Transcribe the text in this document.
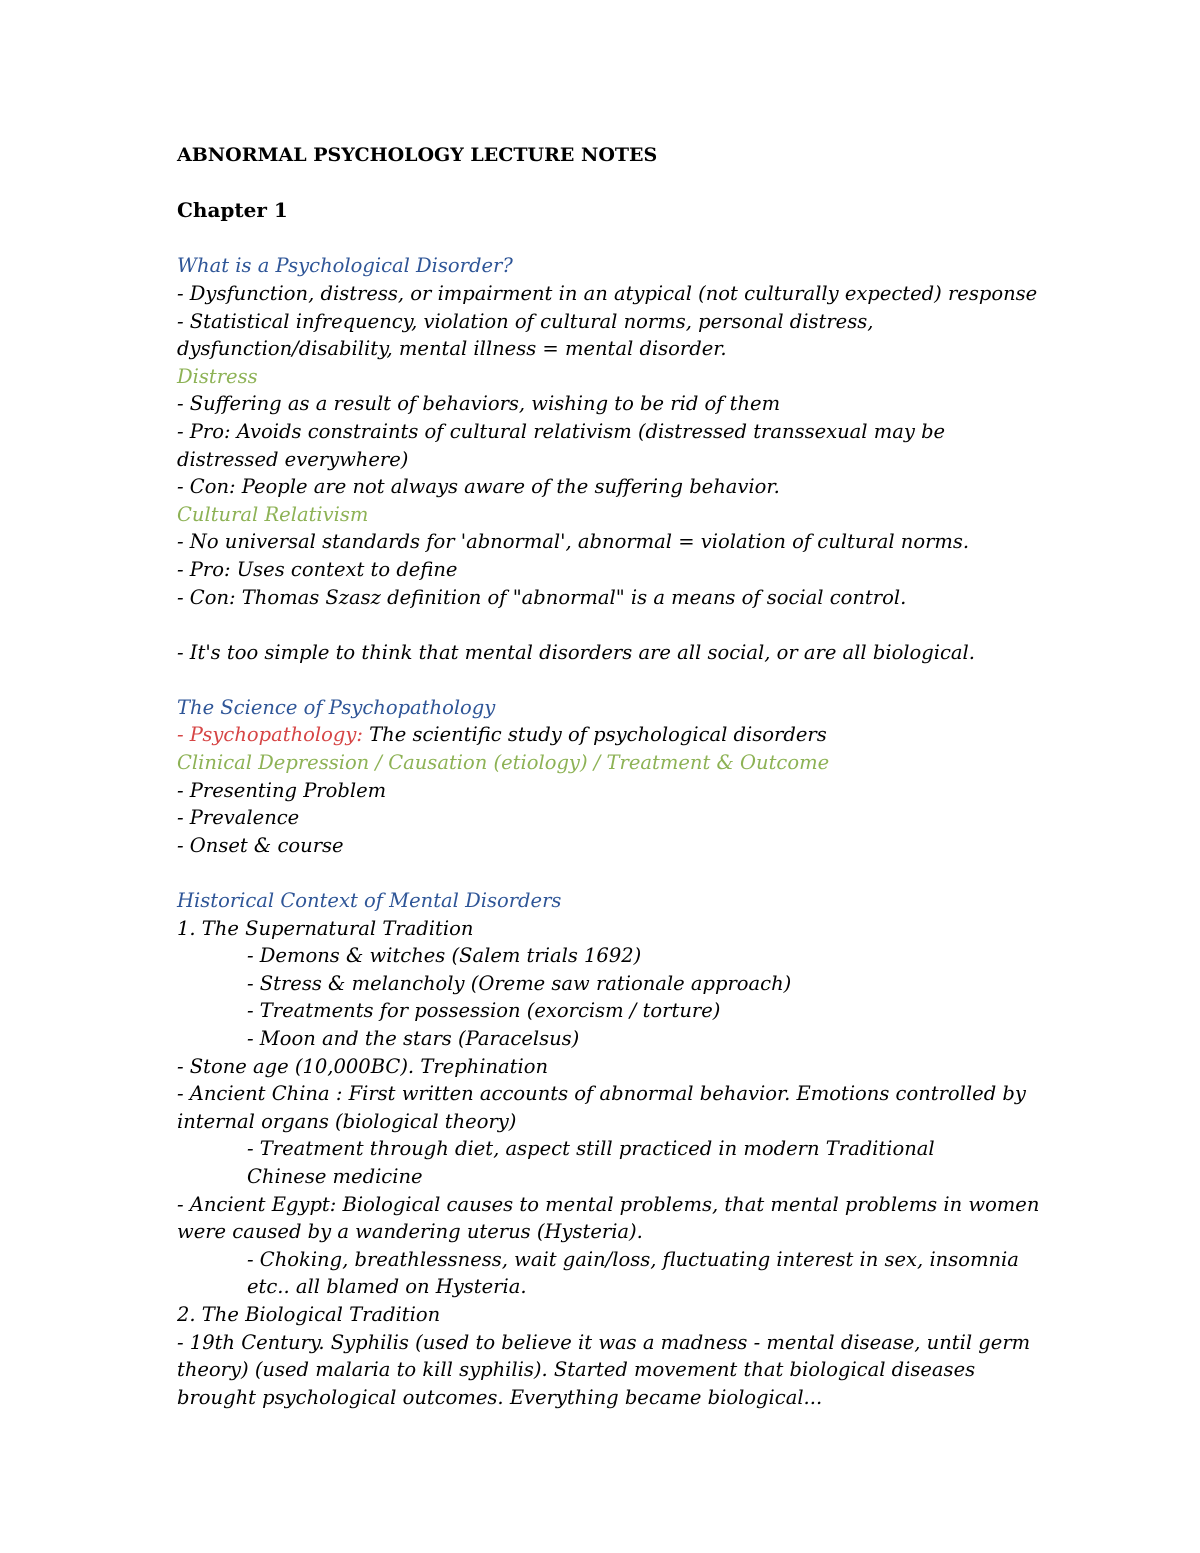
ABNORMAL PSYCHOLOGY LECTURE NOTES
Chapter 1
What is a Psychological Disorder?
- Dysfunction, distress, or impairment in an atypical (not culturally expected) response
- Statistical infrequency, violation of cultural norms, personal distress,
dysfunction/disability, mental illness = mental disorder.
Distress
- Suffering as a result of behaviors, wishing to be rid of them
- Pro: Avoids constraints of cultural relativism (distressed transsexual may be
distressed everywhere)
- Con: People are not always aware of the suffering behavior.
Cultural Relativism
- No universal standards for 'abnormal', abnormal = violation of cultural norms.
- Pro: Uses context to define
- Con: Thomas Szasz definition of "abnormal" is a means of social control.
- It's too simple to think that mental disorders are all social, or are all biological.
The Science of Psychopathology
- Psychopathology: The scientific study of psychological disorders
Clinical Depression / Causation (etiology) / Treatment & Outcome
- Presenting Problem
- Prevalence
- Onset & course
Historical Context of Mental Disorders
1. The Supernatural Tradition
- Demons & witches (Salem trials 1692)
- Stress & melancholy (Oreme saw rationale approach)
- Treatments for possession (exorcism / torture)
- Moon and the stars (Paracelsus)
- Stone age (10,000BC). Trephination
- Ancient China : First written accounts of abnormal behavior. Emotions controlled by
internal organs (biological theory)
- Treatment through diet, aspect still practiced in modern Traditional
Chinese medicine
- Ancient Egypt: Biological causes to mental problems, that mental problems in women
were caused by a wandering uterus (Hysteria).
- Choking, breathlessness, wait gain/loss, fluctuating interest in sex, insomnia
etc.. all blamed on Hysteria.
2. The Biological Tradition
- 19th Century. Syphilis (used to believe it was a madness - mental disease, until germ
theory) (used malaria to kill syphilis). Started movement that biological diseases
brought psychological outcomes. Everything became biological...
